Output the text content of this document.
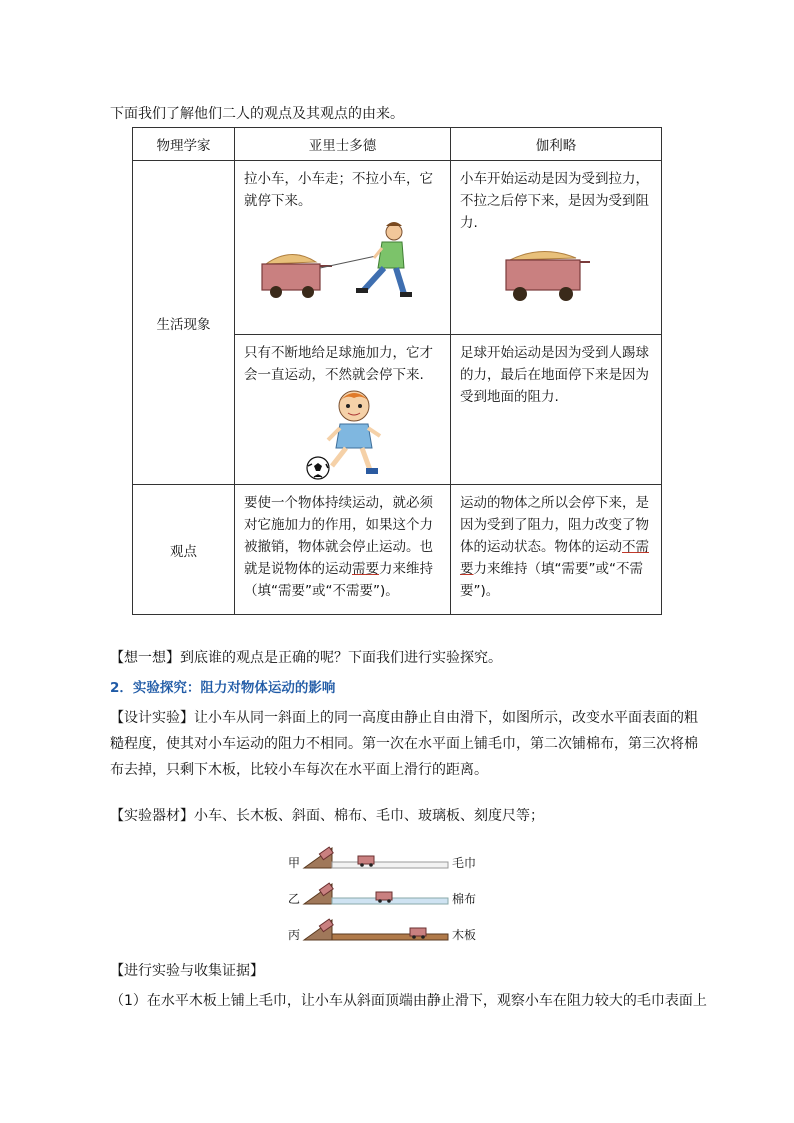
下面我们了解他们二人的观点及其观点的由来。
物理学家	亚里士多德	伽利略
生活现象	拉小车，小车走；不拉小车，它就停下来。	小车开始运动是因为受到拉力，不拉之后停下来，是因为受到阻力.

	只有不断地给足球施加力，它才会一直运动，不然就会停下来.	足球开始运动是因为受到人踢球的力，最后在地面停下来是因为受到地面的阻力.

观点	要使一个物体持续运动，就必须对它施加力的作用，如果这个力被撤销，物体就会停止运动。也就是说物体的运动需要力来维持（填“需要”或“不需要”)。	运动的物体之所以会停下来，是因为受到了阻力，阻力改变了物体的运动状态。物体的运动不需要力来维持（填“需要”或“不需要”)。
【想一想】到底谁的观点是正确的呢？下面我们进行实验探究。
2．实验探究：阻力对物体运动的影响
【设计实验】让小车从同一斜面上的同一高度由静止自由滑下，如图所示，改变水平面表面的粗糙程度，使其对小车运动的阻力不相同。第一次在水平面上铺毛巾，第二次铺棉布，第三次将棉布去掉，只剩下木板，比较小车每次在水平面上滑行的距离。
【实验器材】小车、长木板、斜面、棉布、毛巾、玻璃板、刻度尺等；
甲
乙
丙
毛巾
棉布
木板
【进行实验与收集证据】
（1）在水平木板上铺上毛巾，让小车从斜面顶端由静止滑下，观察小车在阻力较大的毛巾表面上
